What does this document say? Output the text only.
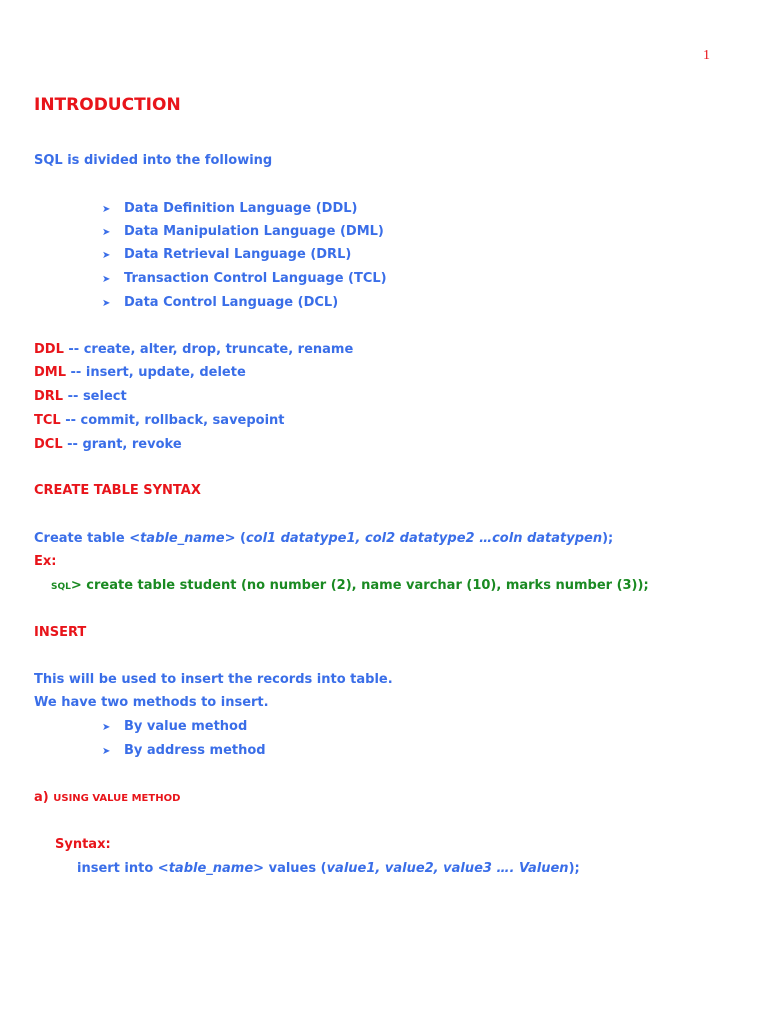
1
INTRODUCTION
SQL is divided into the following
➤ Data Definition Language (DDL)
➤ Data Manipulation Language (DML)
➤ Data Retrieval Language (DRL)
➤ Transaction Control Language (TCL)
➤ Data Control Language (DCL)
DDL -- create, alter, drop, truncate, rename
DML -- insert, update, delete
DRL -- select
TCL -- commit, rollback, savepoint
DCL -- grant, revoke
CREATE TABLE SYNTAX
Create table <table_name> (col1 datatype1, col2 datatype2 …coln datatypen);
Ex:
SQL> create table student (no number (2), name varchar (10), marks number (3));
INSERT
This will be used to insert the records into table.
We have two methods to insert.
➤ By value method
➤ By address method
a) USING VALUE METHOD
Syntax:
insert into <table_name> values (value1, value2, value3 …. Valuen);
